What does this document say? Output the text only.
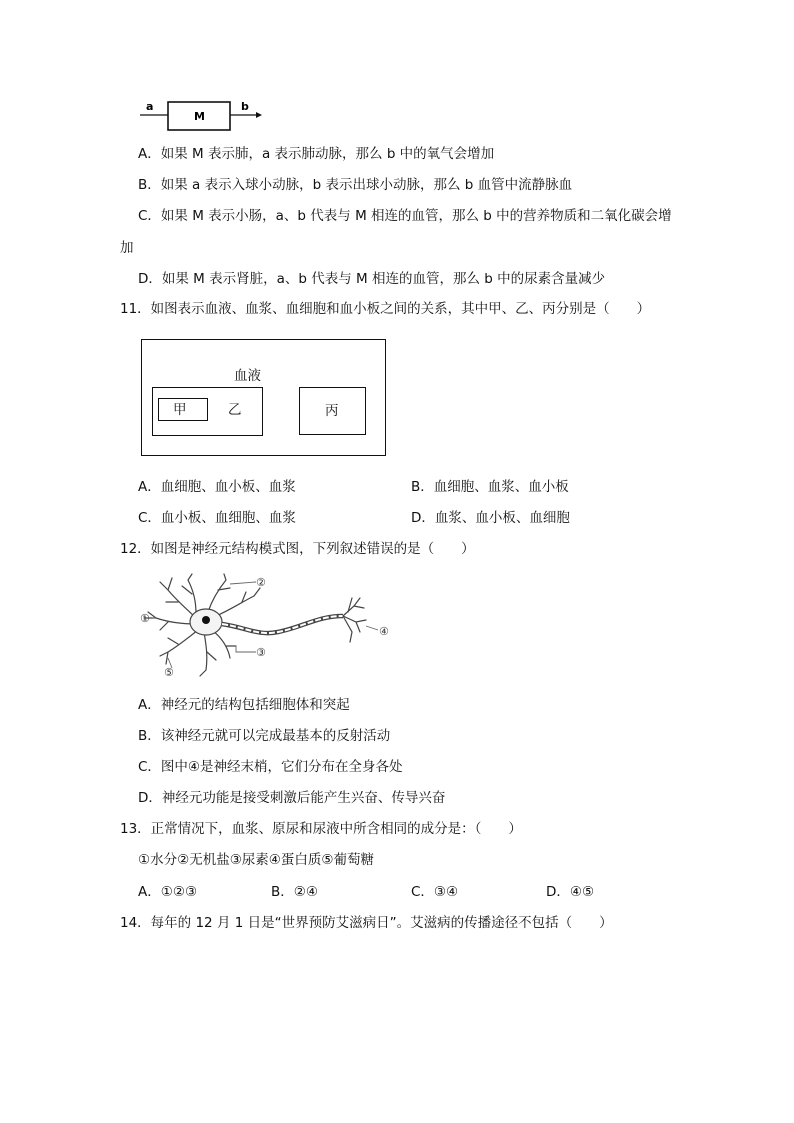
a
M
b
A．如果 M 表示肺，a 表示肺动脉，那么 b 中的氧气会增加
B．如果 a 表示入球小动脉，b 表示出球小动脉，那么 b 血管中流静脉血
C．如果 M 表示小肠，a、b 代表与 M 相连的血管，那么 b 中的营养物质和二氧化碳会增
加
D．如果 M 表示肾脏，a、b 代表与 M 相连的血管，那么 b 中的尿素含量减少
11．如图表示血液、血浆、血细胞和血小板之间的关系，其中甲、乙、丙分别是（　　）
血液
甲	乙	丙
A．血细胞、血小板、血浆	B．血细胞、血浆、血小板
C．血小板、血细胞、血浆	D．血浆、血小板、血细胞
12．如图是神经元结构模式图，下列叙述错误的是（　　）
①
②
③
④
⑤
A．神经元的结构包括细胞体和突起
B．该神经元就可以完成最基本的反射活动
C．图中④是神经末梢，它们分布在全身各处
D．神经元功能是接受刺激后能产生兴奋、传导兴奋
13．正常情况下，血浆、原尿和尿液中所含相同的成分是：（　　）
①水分②无机盐③尿素④蛋白质⑤葡萄糖
A．①②③	B．②④	C．③④	D．④⑤
14．每年的 12 月 1 日是“世界预防艾滋病日”。艾滋病的传播途径不包括（　　）
